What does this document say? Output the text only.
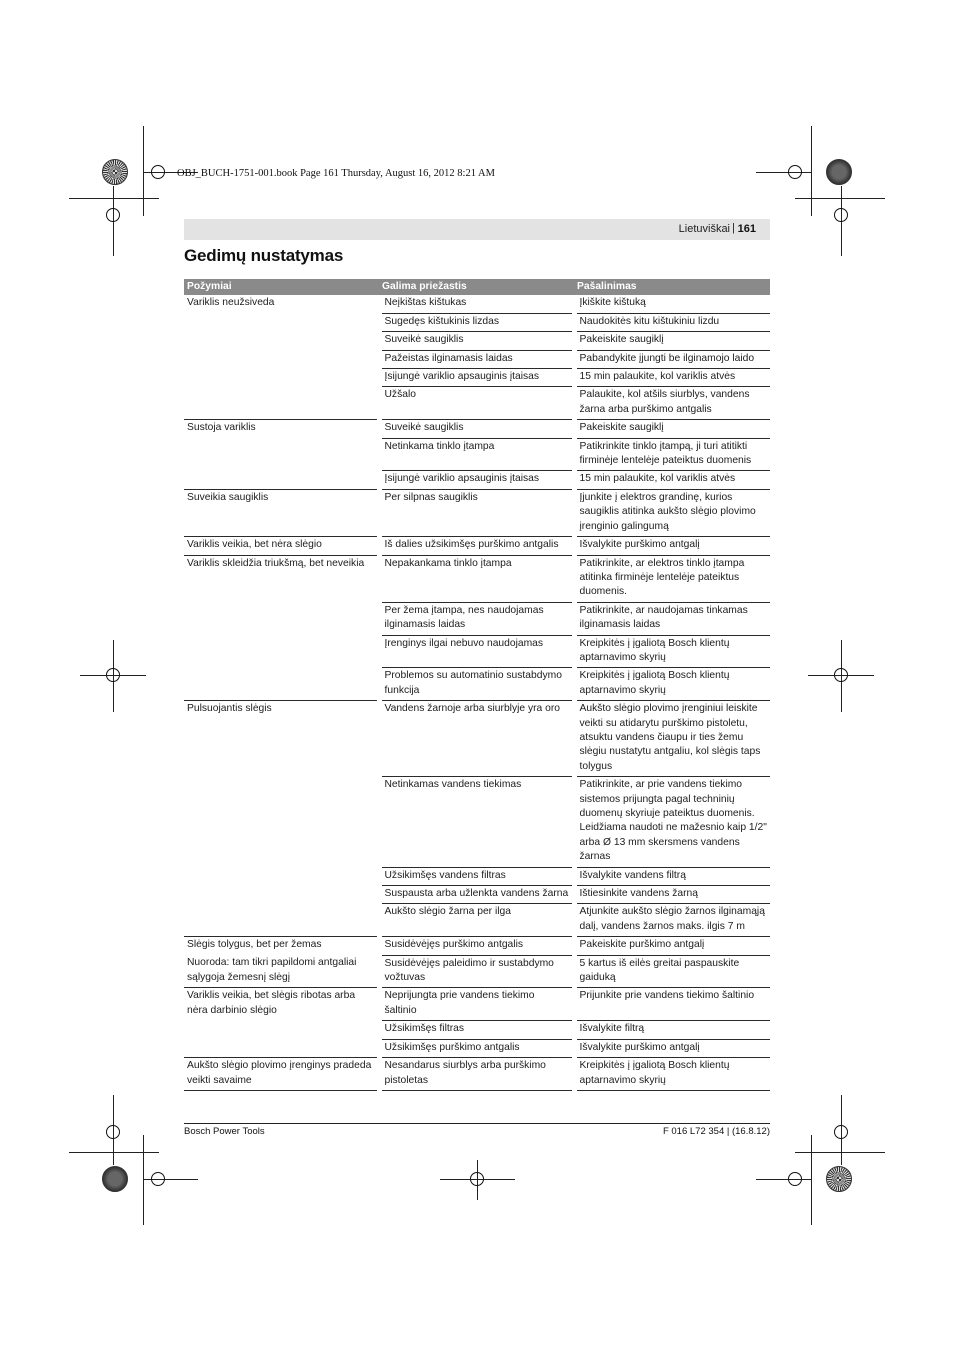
OBJ_BUCH-1751-001.book Page 161 Thursday, August 16, 2012 8:21 AM
Lietuviškai | 161
Gedimų nustatymas
Požymiai	Galima priežastis	Pašalinimas
Variklis neužsiveda	Neįkištas kištukas	Įkiškite kištuką
	Sugedęs kištukinis lizdas	Naudokitės kitu kištukiniu lizdu
	Suveikė saugiklis	Pakeiskite saugiklį
	Pažeistas ilginamasis laidas	Pabandykite įjungti be ilginamojo laido
	Įsijungė variklio apsauginis įtaisas	15 min palaukite, kol variklis atvės
	Užšalo	Palaukite, kol atšils siurblys, vandens žarna arba purškimo antgalis
Sustoja variklis	Suveikė saugiklis	Pakeiskite saugiklį
	Netinkama tinklo įtampa	Patikrinkite tinklo įtampą, ji turi atitikti firminėje lentelėje pateiktus duomenis
	Įsijungė variklio apsauginis įtaisas	15 min palaukite, kol variklis atvės
Suveikia saugiklis	Per silpnas saugiklis	Įjunkite į elektros grandinę, kurios saugiklis atitinka aukšto slėgio plovimo įrenginio galingumą
Variklis veikia, bet nėra slėgio	Iš dalies užsikimšęs purškimo antgalis	Išvalykite purškimo antgalį
Variklis skleidžia triukšmą, bet neveikia	Nepakankama tinklo įtampa	Patikrinkite, ar elektros tinklo įtampa atitinka firminėje lentelėje pateiktus duomenis.
	Per žema įtampa, nes naudojamas ilginamasis laidas	Patikrinkite, ar naudojamas tinkamas ilginamasis laidas
	Įrenginys ilgai nebuvo naudojamas	Kreipkitės į įgaliotą Bosch klientų aptarnavimo skyrių
	Problemos su automatinio sustabdymo funkcija	Kreipkitės į įgaliotą Bosch klientų aptarnavimo skyrių
Pulsuojantis slėgis	Vandens žarnoje arba siurblyje yra oro	Aukšto slėgio plovimo įrenginiui leiskite veikti su atidarytu purškimo pistoletu, atsuktu vandens čiaupu ir ties žemu slėgiu nustatytu antgaliu, kol slėgis taps tolygus
	Netinkamas vandens tiekimas	Patikrinkite, ar prie vandens tiekimo sistemos prijungta pagal techninių duomenų skyriuje pateiktus duomenis. Leidžiama naudoti ne mažesnio kaip 1/2" arba Ø 13 mm skersmens vandens žarnas
	Užsikimšęs vandens filtras	Išvalykite vandens filtrą
	Suspausta arba užlenkta vandens žarna	Ištiesinkite vandens žarną
	Aukšto slėgio žarna per ilga	Atjunkite aukšto slėgio žarnos ilginamąją dalį, vandens žarnos maks. ilgis 7 m
Slėgis tolygus, bet per žemas	Susidėvėjęs purškimo antgalis	Pakeiskite purškimo antgalį
Nuoroda: tam tikri papildomi antgaliai sąlygoja žemesnį slėgį	Susidėvėjęs paleidimo ir sustabdymo vožtuvas	5 kartus iš eilės greitai paspauskite gaiduką
Variklis veikia, bet slėgis ribotas arba nėra darbinio slėgio	Neprijungta prie vandens tiekimo šaltinio	Prijunkite prie vandens tiekimo šaltinio
	Užsikimšęs filtras	Išvalykite filtrą
	Užsikimšęs purškimo antgalis	Išvalykite purškimo antgalį
Aukšto slėgio plovimo įrenginys pradeda veikti savaime	Nesandarus siurblys arba purškimo pistoletas	Kreipkitės į įgaliotą Bosch klientų aptarnavimo skyrių
Bosch Power Tools	F 016 L72 354 | (16.8.12)
